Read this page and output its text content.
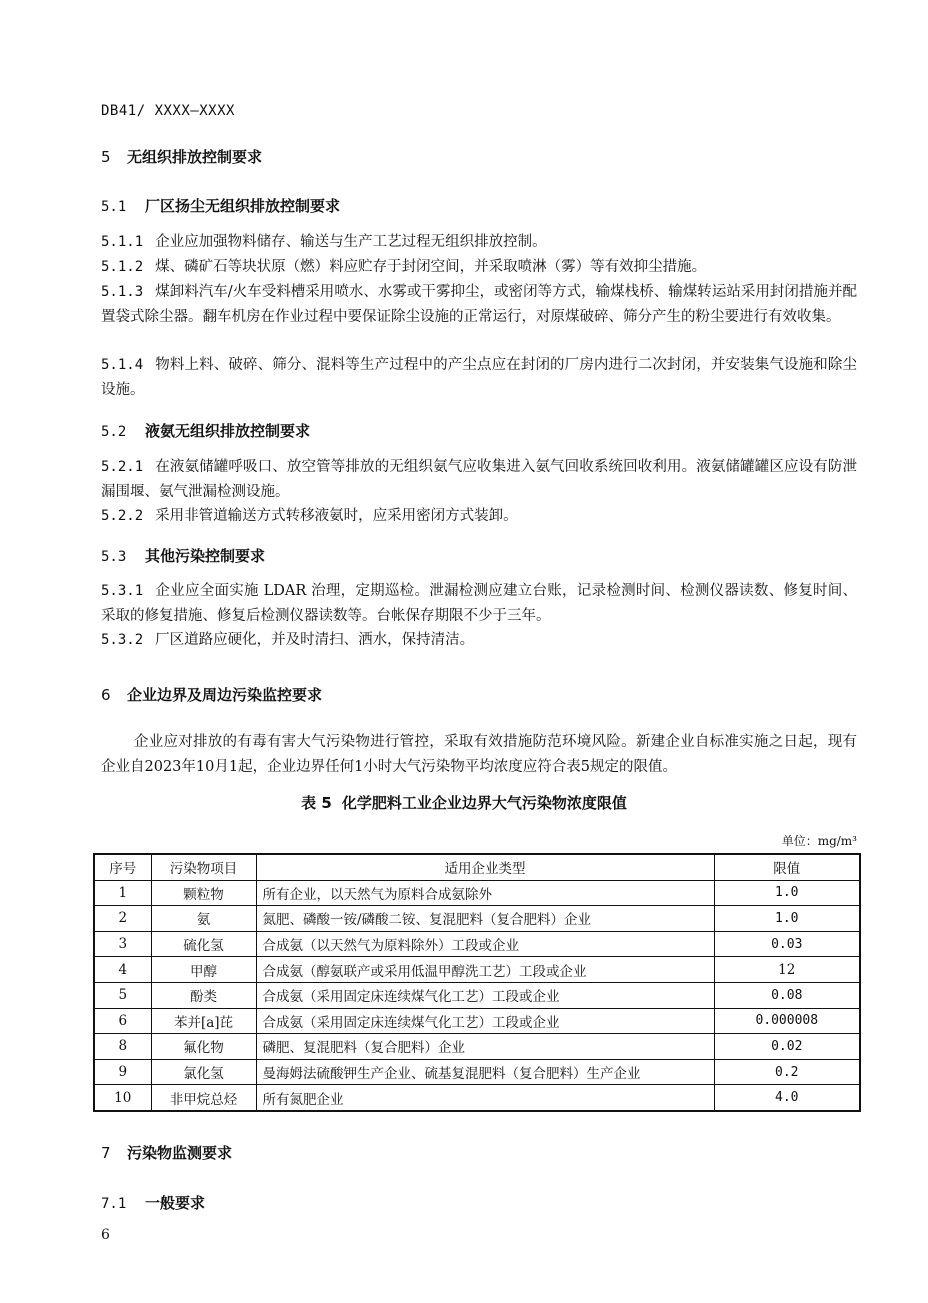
DB41/ XXXX—XXXX
5 无组织排放控制要求
5.1 厂区扬尘无组织排放控制要求
5.1.1 企业应加强物料储存、输送与生产工艺过程无组织排放控制。
5.1.2 煤、磷矿石等块状原（燃）料应贮存于封闭空间，并采取喷淋（雾）等有效抑尘措施。
5.1.3 煤卸料汽车/火车受料槽采用喷水、水雾或干雾抑尘，或密闭等方式，输煤栈桥、输煤转运站采用封闭措施并配置袋式除尘器。翻车机房在作业过程中要保证除尘设施的正常运行，对原煤破碎、筛分产生的粉尘要进行有效收集。
5.1.4 物料上料、破碎、筛分、混料等生产过程中的产尘点应在封闭的厂房内进行二次封闭，并安装集气设施和除尘设施。
5.2 液氨无组织排放控制要求
5.2.1 在液氨储罐呼吸口、放空管等排放的无组织氨气应收集进入氨气回收系统回收利用。液氨储罐罐区应设有防泄漏围堰、氨气泄漏检测设施。
5.2.2 采用非管道输送方式转移液氨时，应采用密闭方式装卸。
5.3 其他污染控制要求
5.3.1 企业应全面实施 LDAR 治理，定期巡检。泄漏检测应建立台账，记录检测时间、检测仪器读数、修复时间、采取的修复措施、修复后检测仪器读数等。台帐保存期限不少于三年。
5.3.2 厂区道路应硬化，并及时清扫、洒水，保持清洁。
6 企业边界及周边污染监控要求
企业应对排放的有毒有害大气污染物进行管控，采取有效措施防范环境风险。新建企业自标准实施之日起，现有企业自2023年10月1起，企业边界任何1小时大气污染物平均浓度应符合表5规定的限值。
表 5 化学肥料工业企业边界大气污染物浓度限值
单位：mg/m³
序号	污染物项目	适用企业类型	限值
1	颗粒物	所有企业，以天然气为原料合成氨除外	1.0
2	氨	氮肥、磷酸一铵/磷酸二铵、复混肥料（复合肥料）企业	1.0
3	硫化氢	合成氨（以天然气为原料除外）工段或企业	0.03
4	甲醇	合成氨（醇氨联产或采用低温甲醇洗工艺）工段或企业	12
5	酚类	合成氨（采用固定床连续煤气化工艺）工段或企业	0.08
6	苯并[a]芘	合成氨（采用固定床连续煤气化工艺）工段或企业	0.000008
8	氟化物	磷肥、复混肥料（复合肥料）企业	0.02
9	氯化氢	曼海姆法硫酸钾生产企业、硫基复混肥料（复合肥料）生产企业	0.2
10	非甲烷总烃	所有氮肥企业	4.0
7 污染物监测要求
7.1 一般要求
6
